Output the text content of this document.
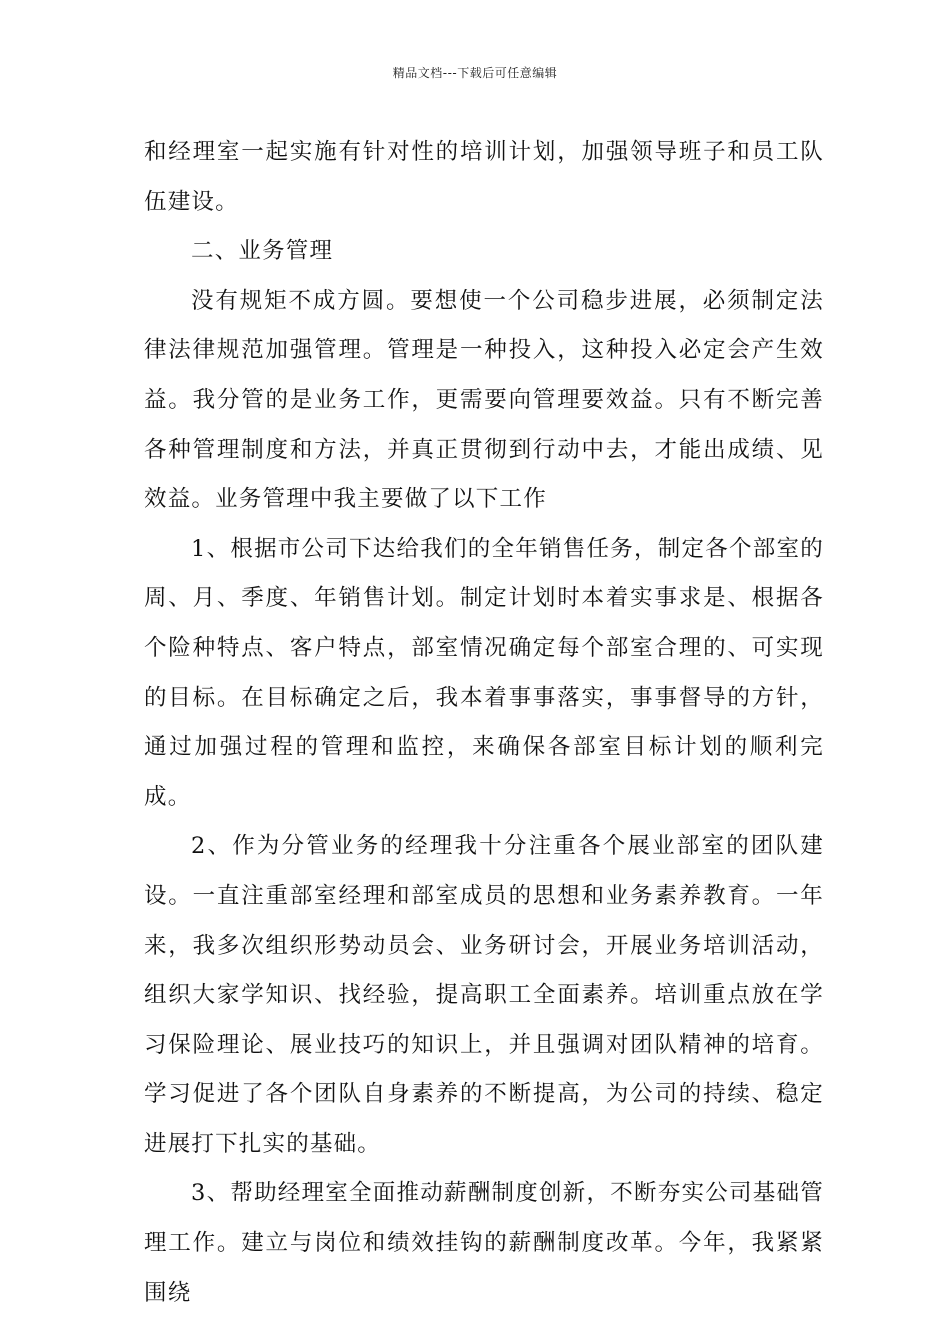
精品文档---下载后可任意编辑

和经理室一起实施有针对性的培训计划，加强领导班子和员工队伍建设。

二、业务管理

没有规矩不成方圆。要想使一个公司稳步进展，必须制定法律法律规范加强管理。管理是一种投入，这种投入必定会产生效益。我分管的是业务工作，更需要向管理要效益。只有不断完善各种管理制度和方法，并真正贯彻到行动中去，才能出成绩、见效益。业务管理中我主要做了以下工作

1、根据市公司下达给我们的全年销售任务，制定各个部室的周、月、季度、年销售计划。制定计划时本着实事求是、根据各个险种特点、客户特点，部室情况确定每个部室合理的、可实现的目标。在目标确定之后，我本着事事落实，事事督导的方针，通过加强过程的管理和监控，来确保各部室目标计划的顺利完成。

2、作为分管业务的经理我十分注重各个展业部室的团队建设。一直注重部室经理和部室成员的思想和业务素养教育。一年来，我多次组织形势动员会、业务研讨会，开展业务培训活动，组织大家学知识、找经验，提高职工全面素养。培训重点放在学习保险理论、展业技巧的知识上，并且强调对团队精神的培育。学习促进了各个团队自身素养的不断提高，为公司的持续、稳定进展打下扎实的基础。

3、帮助经理室全面推动薪酬制度创新，不断夯实公司基础管理工作。建立与岗位和绩效挂钩的薪酬制度改革。今年，我紧紧围绕
